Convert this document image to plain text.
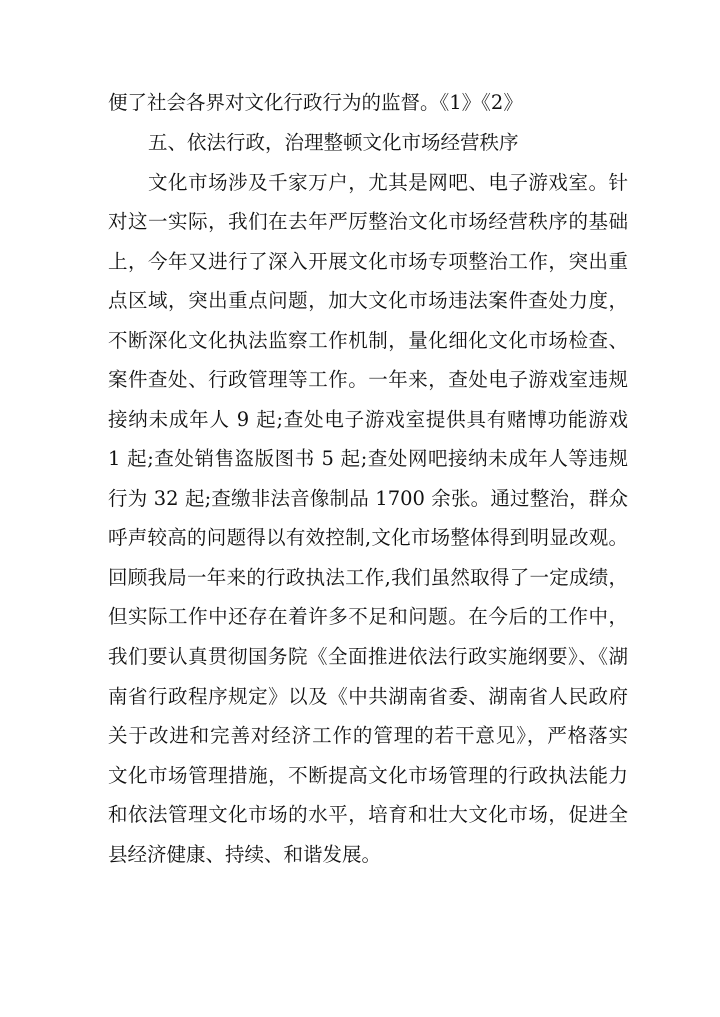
便了社会各界对文化行政行为的监督。《1》《2》
五、依法行政，治理整顿文化市场经营秩序
文化市场涉及千家万户，尤其是网吧、电子游戏室。针
对这一实际，我们在去年严厉整治文化市场经营秩序的基础
上，今年又进行了深入开展文化市场专项整治工作，突出重
点区域，突出重点问题，加大文化市场违法案件查处力度，
不断深化文化执法监察工作机制，量化细化文化市场检查、
案件查处、行政管理等工作。一年来，查处电子游戏室违规
接纳未成年人 9 起;查处电子游戏室提供具有赌博功能游戏
1 起;查处销售盗版图书 5 起;查处网吧接纳未成年人等违规
行为 32 起;查缴非法音像制品 1700 余张。通过整治，群众
呼声较高的问题得以有效控制,文化市场整体得到明显改观。
回顾我局一年来的行政执法工作,我们虽然取得了一定成绩，
但实际工作中还存在着许多不足和问题。在今后的工作中，
我们要认真贯彻国务院《全面推进依法行政实施纲要》、《湖
南省行政程序规定》以及《中共湖南省委、湖南省人民政府
关于改进和完善对经济工作的管理的若干意见》，严格落实
文化市场管理措施，不断提高文化市场管理的行政执法能力
和依法管理文化市场的水平，培育和壮大文化市场，促进全
县经济健康、持续、和谐发展。
